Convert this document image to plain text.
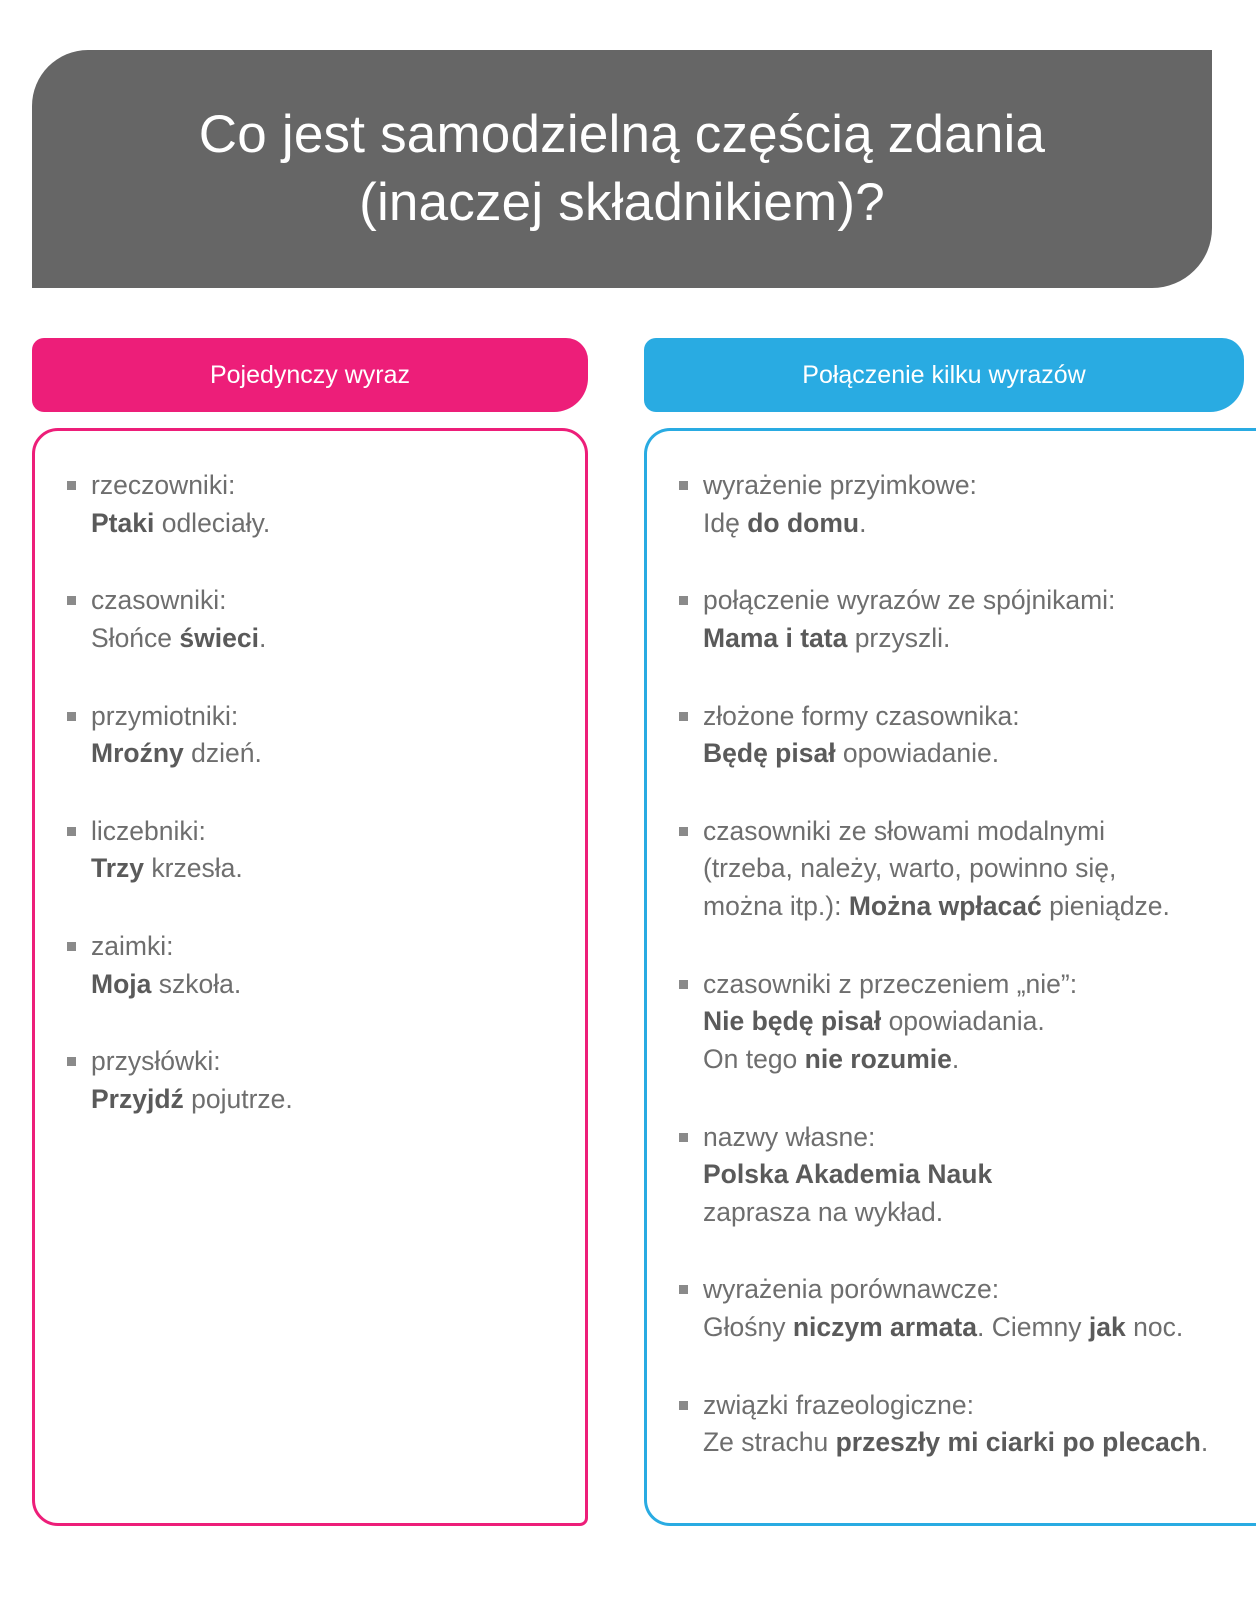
Co jest samodzielną częścią zdania
(inaczej składnikiem)?
Pojedynczy wyraz
rzeczowniki:
Ptaki odleciały.
czasowniki:
Słońce świeci.
przymiotniki:
Mroźny dzień.
liczebniki:
Trzy krzesła.
zaimki:
Moja szkoła.
przysłówki:
Przyjdź pojutrze.
Połączenie kilku wyrazów
wyrażenie przyimkowe:
Idę do domu.
połączenie wyrazów ze spójnikami:
Mama i tata przyszli.
złożone formy czasownika:
Będę pisał opowiadanie.
czasowniki ze słowami modalnymi
(trzeba, należy, warto, powinno się,
można itp.): Można wpłacać pieniądze.
czasowniki z przeczeniem „nie”:
Nie będę pisał opowiadania.
On tego nie rozumie.
nazwy własne:
Polska Akademia Nauk
zaprasza na wykład.
wyrażenia porównawcze:
Głośny niczym armata. Ciemny jak noc.
związki frazeologiczne:
Ze strachu przeszły mi ciarki po plecach.
